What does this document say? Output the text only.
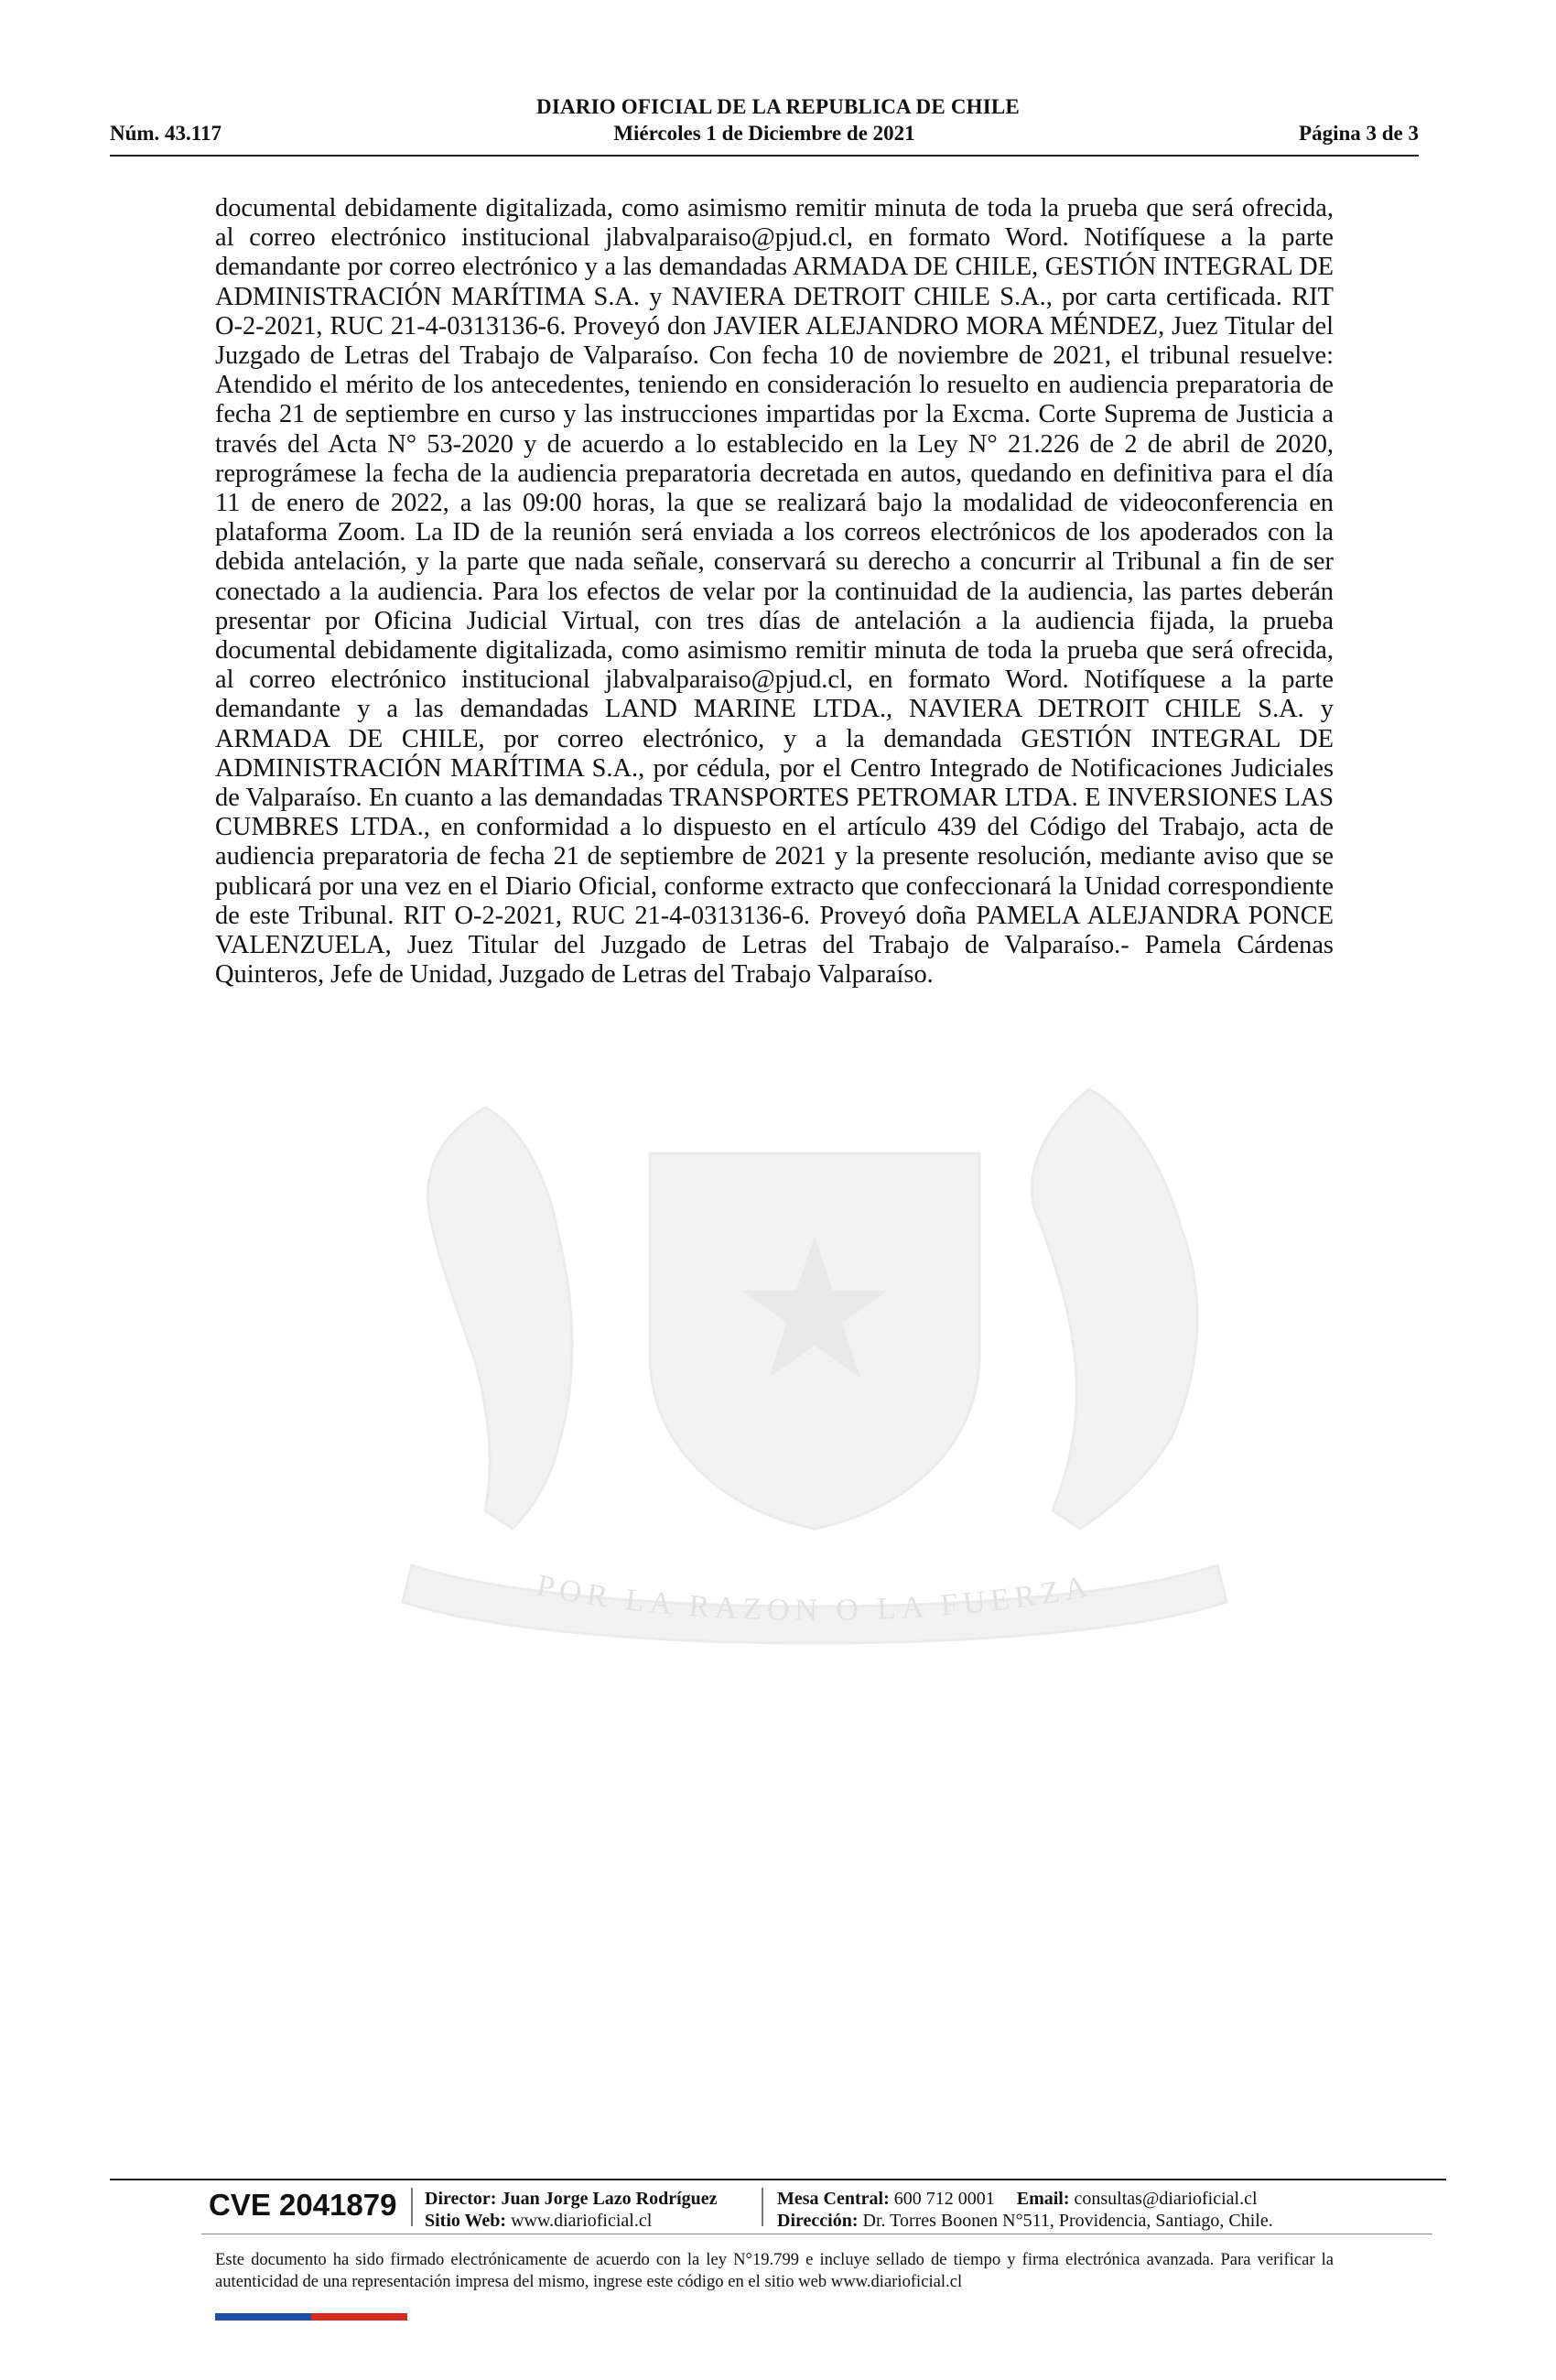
DIARIO OFICIAL DE LA REPUBLICA DE CHILE
Núm. 43.117	Miércoles 1 de Diciembre de 2021	Página 3 de 3
POR LA RAZON O LA FUERZA
documental debidamente digitalizada, como asimismo remitir minuta de toda la prueba que será ofrecida, al correo electrónico institucional jlabvalparaiso@pjud.cl, en formato Word. Notifíquese a la parte demandante por correo electrónico y a las demandadas ARMADA DE CHILE, GESTIÓN INTEGRAL DE ADMINISTRACIÓN MARÍTIMA S.A. y NAVIERA DETROIT CHILE S.A., por carta certificada. RIT O-2-2021, RUC 21-4-0313136-6. Proveyó don JAVIER ALEJANDRO MORA MÉNDEZ, Juez Titular del Juzgado de Letras del Trabajo de Valparaíso. Con fecha 10 de noviembre de 2021, el tribunal resuelve: Atendido el mérito de los antecedentes, teniendo en consideración lo resuelto en audiencia preparatoria de fecha 21 de septiembre en curso y las instrucciones impartidas por la Excma. Corte Suprema de Justicia a través del Acta N° 53-2020 y de acuerdo a lo establecido en la Ley N° 21.226 de 2 de abril de 2020, reprográmese la fecha de la audiencia preparatoria decretada en autos, quedando en definitiva para el día 11 de enero de 2022, a las 09:00 horas, la que se realizará bajo la modalidad de videoconferencia en plataforma Zoom. La ID de la reunión será enviada a los correos electrónicos de los apoderados con la debida antelación, y la parte que nada señale, conservará su derecho a concurrir al Tribunal a fin de ser conectado a la audiencia. Para los efectos de velar por la continuidad de la audiencia, las partes deberán presentar por Oficina Judicial Virtual, con tres días de antelación a la audiencia fijada, la prueba documental debidamente digitalizada, como asimismo remitir minuta de toda la prueba que será ofrecida, al correo electrónico institucional jlabvalparaiso@pjud.cl, en formato Word. Notifíquese a la parte demandante y a las demandadas LAND MARINE LTDA., NAVIERA DETROIT CHILE S.A. y ARMADA DE CHILE, por correo electrónico, y a la demandada GESTIÓN INTEGRAL DE ADMINISTRACIÓN MARÍTIMA S.A., por cédula, por el Centro Integrado de Notificaciones Judiciales de Valparaíso. En cuanto a las demandadas TRANSPORTES PETROMAR LTDA. E INVERSIONES LAS CUMBRES LTDA., en conformidad a lo dispuesto en el artículo 439 del Código del Trabajo, acta de audiencia preparatoria de fecha 21 de septiembre de 2021 y la presente resolución, mediante aviso que se publicará por una vez en el Diario Oficial, conforme extracto que confeccionará la Unidad correspondiente de este Tribunal. RIT O-2-2021, RUC 21-4-0313136-6. Proveyó doña PAMELA ALEJANDRA PONCE VALENZUELA, Juez Titular del Juzgado de Letras del Trabajo de Valparaíso.- Pamela Cárdenas Quinteros, Jefe de Unidad, Juzgado de Letras del Trabajo Valparaíso.
CVE 2041879 Director: Juan Jorge Lazo Rodríguez
Sitio Web: www.diarioficial.cl
Mesa Central: 600 712 0001 Email: consultas@diarioficial.cl
Dirección: Dr. Torres Boonen N°511, Providencia, Santiago, Chile.
Este documento ha sido firmado electrónicamente de acuerdo con la ley N°19.799 e incluye sellado de tiempo y firma electrónica avanzada. Para verificar la autenticidad de una representación impresa del mismo, ingrese este código en el sitio web www.diarioficial.cl
